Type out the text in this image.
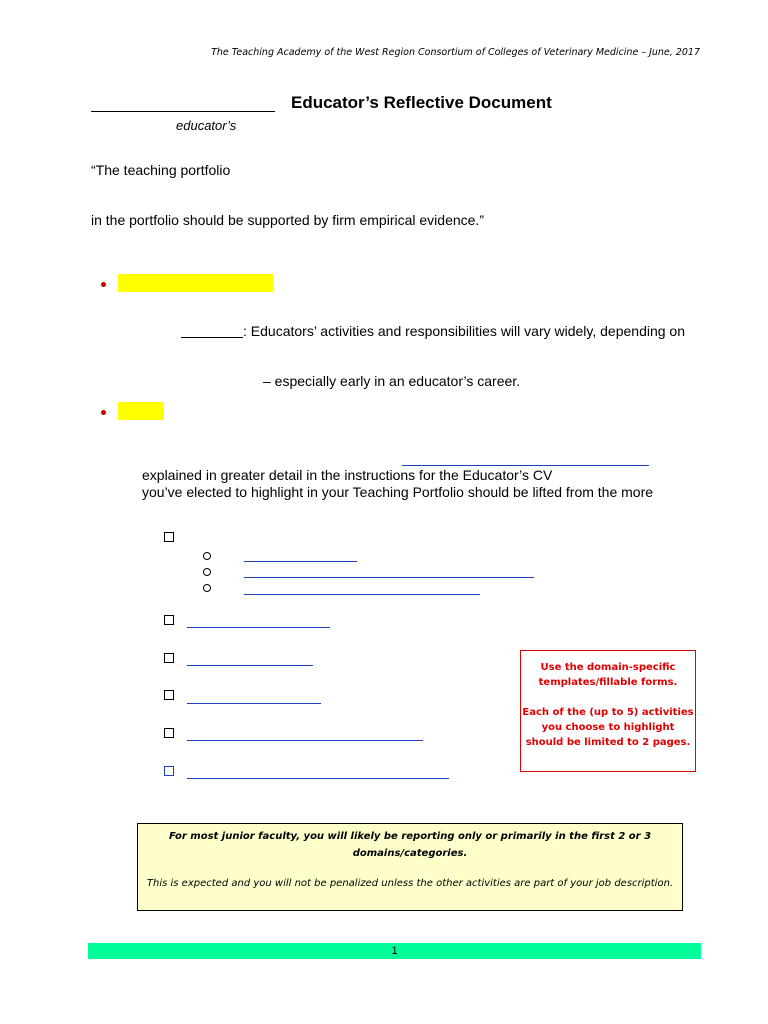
The Teaching Academy of the West Region Consortium of Colleges of Veterinary Medicine – June, 2017
educator’s
Educator’s Reflective Document
“The teaching portfolio
in the portfolio should be supported by firm empirical evidence.”
: Educators’ activities and responsibilities will vary widely, depending on
– especially early in an educator’s career.
explained in greater detail in the instructions for the Educator’s CV
you’ve elected to highlight in your Teaching Portfolio should be lifted from the more

Use the domain-specific

templates/fillable forms.

Each of the (up to 5) activities

you choose to highlight

should be limited to 2 pages.

For most junior faculty, you will likely be reporting only or primarily in the first 2 or 3
domains/categories.
This is expected and you will not be penalized unless the other activities are part of your job description.
1
